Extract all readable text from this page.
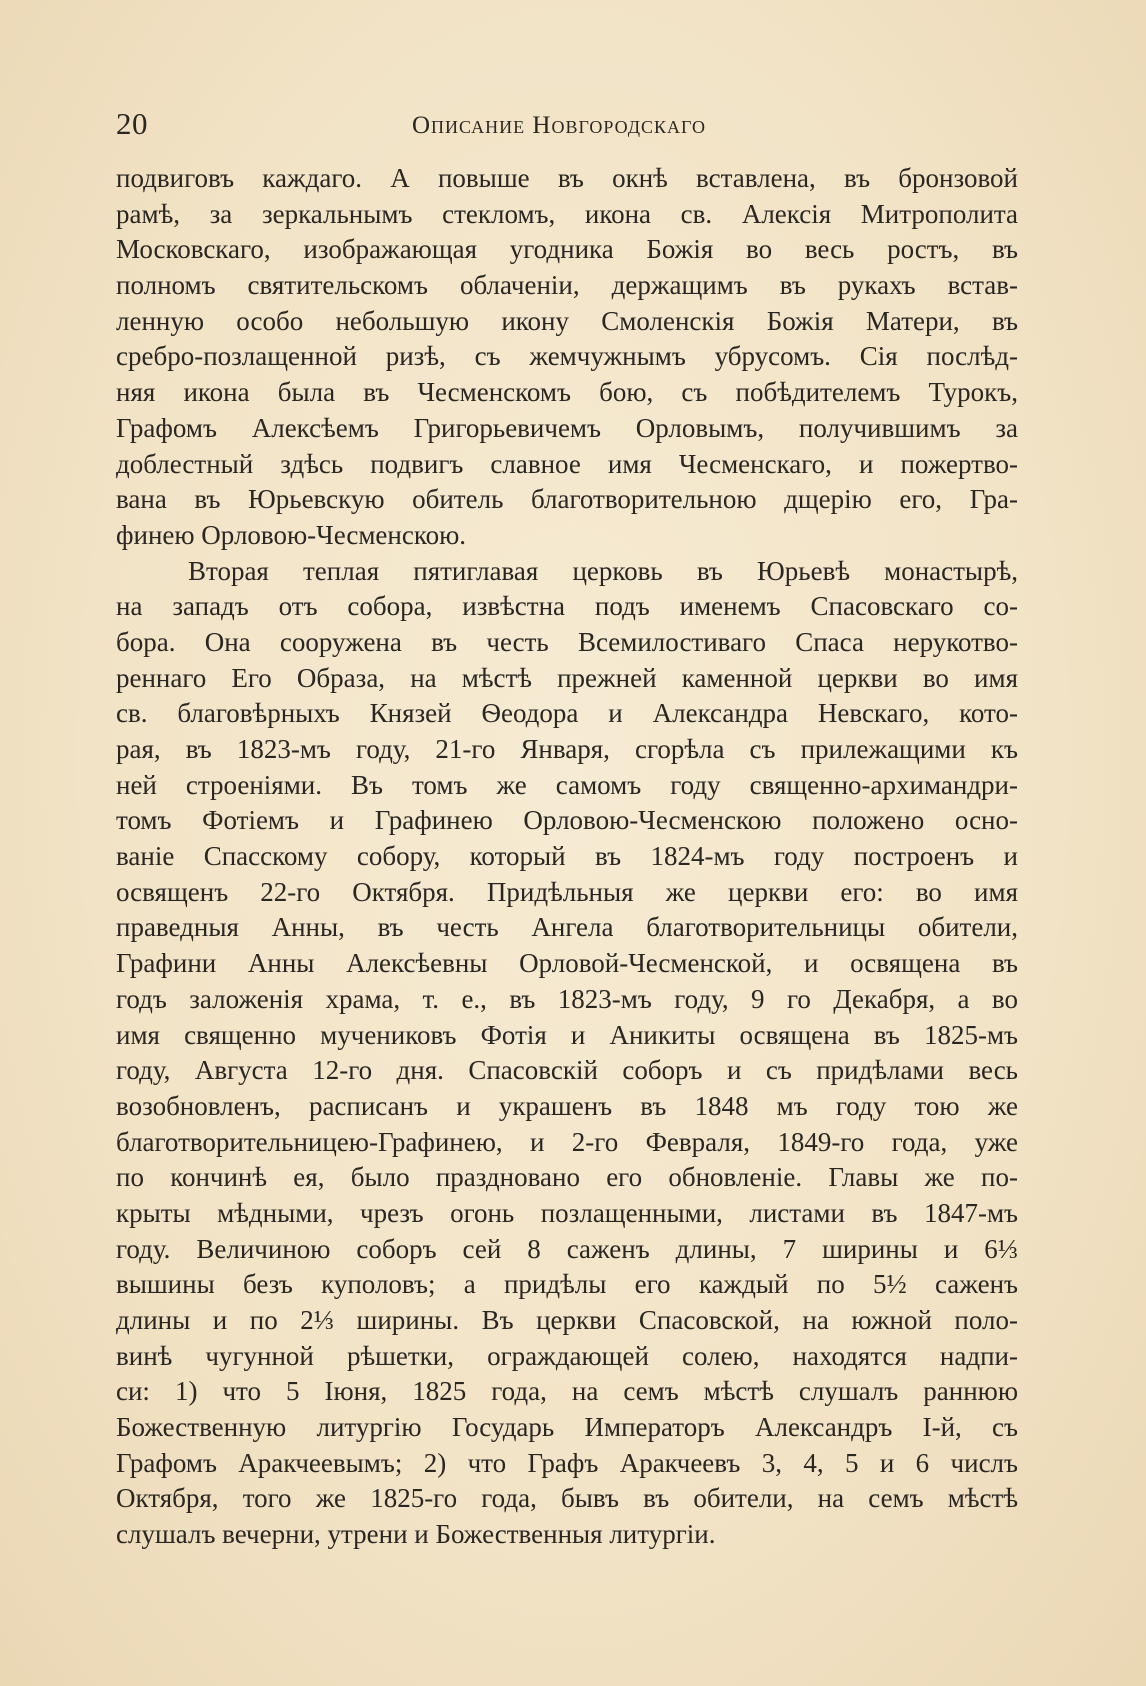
20	Описание Новгородскаго
подвиговъ каждаго. А повыше въ окнѣ вставлена, въ бронзовой
рамѣ, за зеркальнымъ стекломъ, икона св. Алексія Митрополита
Московскаго, изображающая угодника Божія во весь ростъ, въ
полномъ святительскомъ облаченіи, держащимъ въ рукахъ встав-
ленную особо небольшую икону Смоленскія Божія Матери, въ
сребро-позлащенной ризѣ, съ жемчужнымъ убрусомъ. Сія послѣд-
няя икона была въ Чесменскомъ бою, съ побѣдителемъ Турокъ,
Графомъ Алексѣемъ Григорьевичемъ Орловымъ, получившимъ за
доблестный здѣсь подвигъ славное имя Чесменскаго, и пожертво-
вана въ Юрьевскую обитель благотворительною дщерію его, Гра-
финею Орловою-Чесменскою.
Вторая теплая пятиглавая церковь въ Юрьевѣ монастырѣ,
на западъ отъ собора, извѣстна подъ именемъ Спасовскаго со-
бора. Она сооружена въ честь Всемилостиваго Спаса нерукотво-
реннаго Его Образа, на мѣстѣ прежней каменной церкви во имя
св. благовѣрныхъ Князей Ѳеодора и Александра Невскаго, кото-
рая, въ 1823-мъ году, 21-го Января, сгорѣла съ прилежащими къ
ней строеніями. Въ томъ же самомъ году священно-архимандри-
томъ Фотіемъ и Графинею Орловою-Чесменскою положено осно-
ваніе Спасскому собору, который въ 1824-мъ году построенъ и
освященъ 22-го Октября. Придѣльныя же церкви его: во имя
праведныя Анны, въ честь Ангела благотворительницы обители,
Графини Анны Алексѣевны Орловой-Чесменской, и освящена въ
годъ заложенія храма, т. е., въ 1823-мъ году, 9 го Декабря, а во
имя священно мучениковъ Фотія и Аникиты освящена въ 1825-мъ
году, Августа 12-го дня. Спасовскій соборъ и съ придѣлами весь
возобновленъ, расписанъ и украшенъ въ 1848 мъ году тою же
благотворительницею-Графинею, и 2-го Февраля, 1849-го года, уже
по кончинѣ ея, было праздновано его обновленіе. Главы же по-
крыты мѣдными, чрезъ огонь позлащенными, листами въ 1847-мъ
году. Величиною соборъ сей 8 саженъ длины, 7 ширины и 6⅓
вышины безъ куполовъ; а придѣлы его каждый по 5½ саженъ
длины и по 2⅓ ширины. Въ церкви Спасовской, на южной поло-
винѣ чугунной рѣшетки, ограждающей солею, находятся надпи-
си: 1) что 5 Іюня, 1825 года, на семъ мѣстѣ слушалъ раннюю
Божественную литургію Государь Императоръ Александръ І-й, съ
Графомъ Аракчеевымъ; 2) что Графъ Аракчеевъ 3, 4, 5 и 6 числъ
Октября, того же 1825-го года, бывъ въ обители, на семъ мѣстѣ
слушалъ вечерни, утрени и Божественныя литургіи.
